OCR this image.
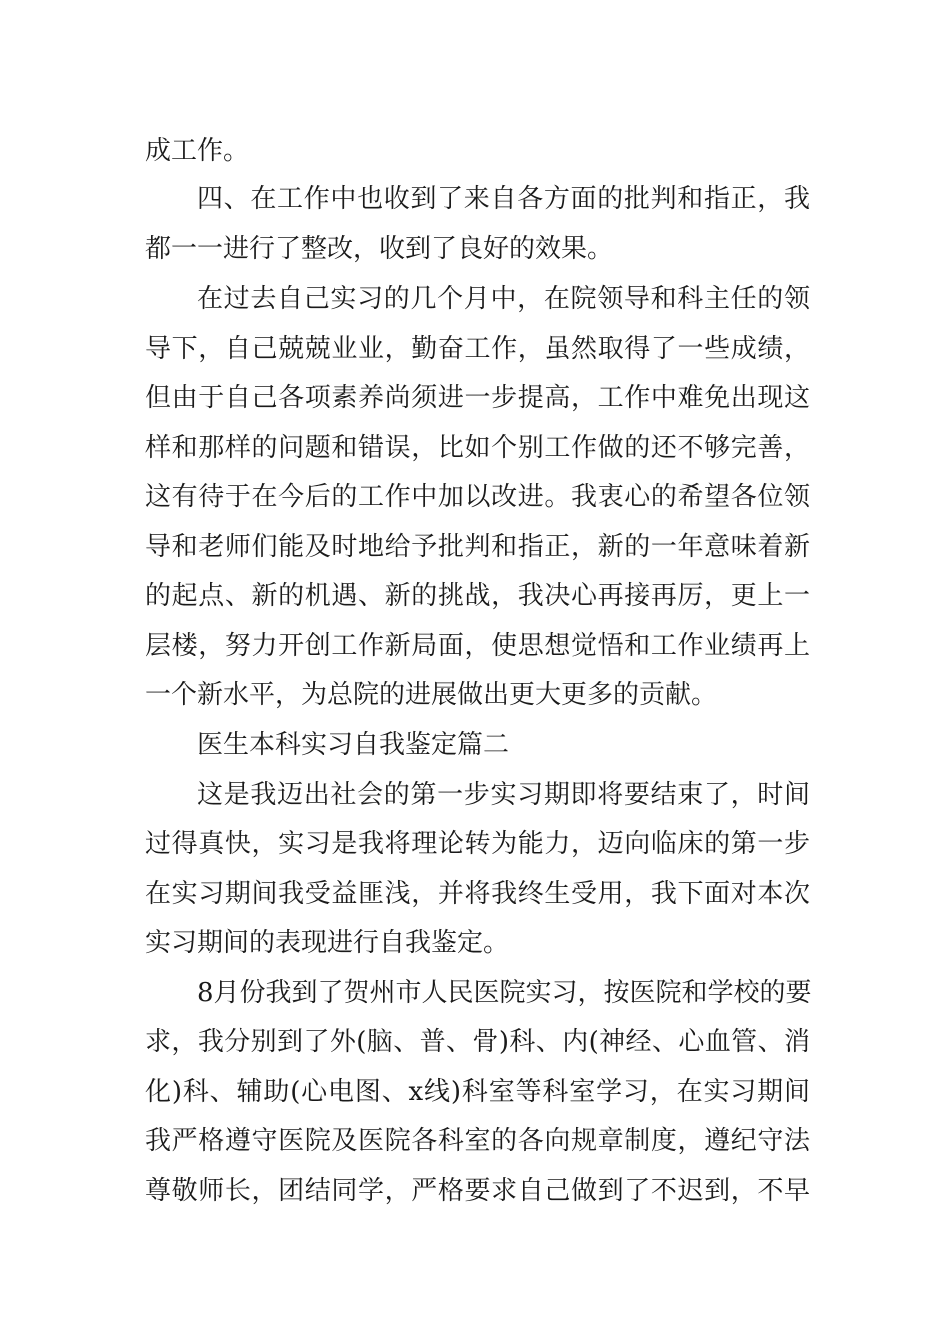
成工作。
四、在工作中也收到了来自各方面的批判和指正，我
都一一进行了整改，收到了良好的效果。
在过去自己实习的几个月中，在院领导和科主任的领
导下，自己兢兢业业，勤奋工作，虽然取得了一些成绩，
但由于自己各项素养尚须进一步提高，工作中难免出现这
样和那样的问题和错误，比如个别工作做的还不够完善，
这有待于在今后的工作中加以改进。我衷心的希望各位领
导和老师们能及时地给予批判和指正，新的一年意味着新
的起点、新的机遇、新的挑战，我决心再接再厉，更上一
层楼，努力开创工作新局面，使思想觉悟和工作业绩再上
一个新水平，为总院的进展做出更大更多的贡献。
医生本科实习自我鉴定篇二
这是我迈出社会的第一步实习期即将要结束了，时间
过得真快，实习是我将理论转为能力，迈向临床的第一步
在实习期间我受益匪浅，并将我终生受用，我下面对本次
实习期间的表现进行自我鉴定。
8月份我到了贺州市人民医院实习，按医院和学校的要
求，我分别到了外(脑、普、骨)科、内(神经、心血管、消
化)科、辅助(心电图、x线)科室等科室学习，在实习期间
我严格遵守医院及医院各科室的各向规章制度，遵纪守法
尊敬师长，团结同学，严格要求自己做到了不迟到，不早
